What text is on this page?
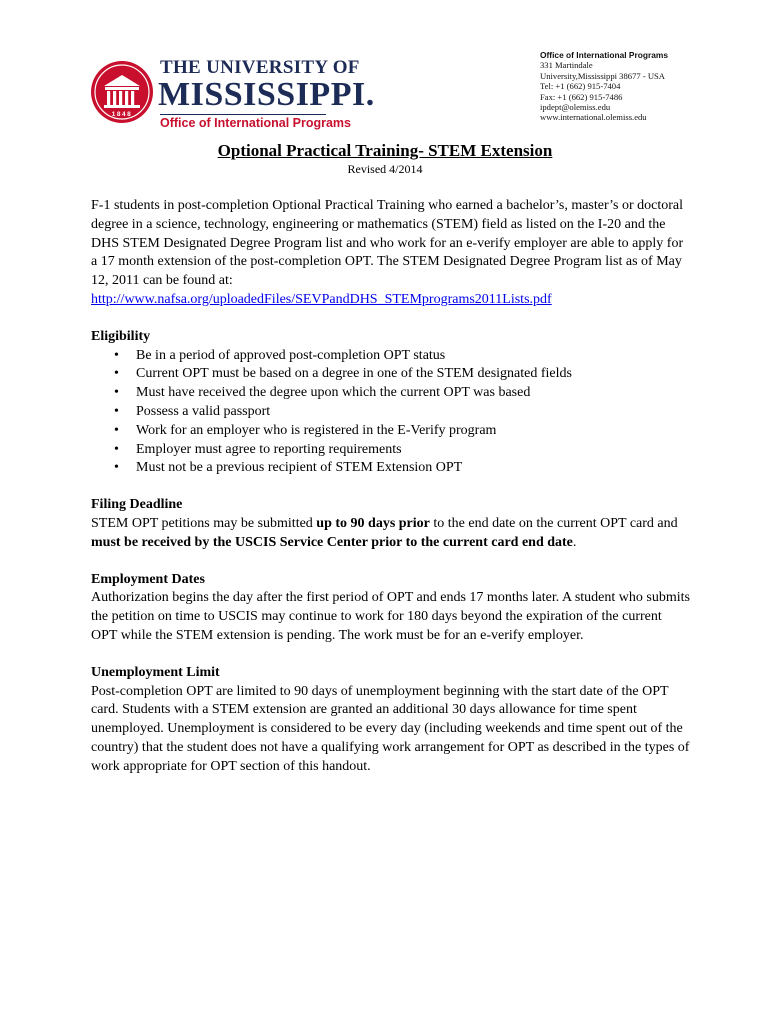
1848
THE UNIVERSITY OF
MISSISSIPPI.
Office of International Programs
Office of International Programs
331 Martindale
University,Mississippi 38677 - USA
Tel: +1 (662) 915-7404
Fax: +1 (662) 915-7486
ipdept@olemiss.edu
www.international.olemiss.edu
Optional Practical Training- STEM Extension
Revised 4/2014

F-1 students in post-completion Optional Practical Training who earned a bachelor’s, master’s or doctoral degree in a science, technology, engineering or mathematics (STEM) field as listed on the I-20 and the DHS STEM Designated Degree Program list and who work for an e-verify employer are able to apply for a 17 month extension of the post-completion OPT. The STEM Designated Degree Program list as of May 12, 2011 can be found at: http://www.nafsa.org/uploadedFiles/SEVPandDHS_STEMprograms2011Lists.pdf

Eligibility

• Be in a period of approved post-completion OPT status
• Current OPT must be based on a degree in one of the STEM designated fields
• Must have received the degree upon which the current OPT was based
• Possess a valid passport
• Work for an employer who is registered in the E-Verify program
• Employer must agree to reporting requirements
• Must not be a previous recipient of STEM Extension OPT

Filing Deadline

STEM OPT petitions may be submitted up to 90 days prior to the end date on the current OPT card and must be received by the USCIS Service Center prior to the current card end date.

Employment Dates

Authorization begins the day after the first period of OPT and ends 17 months later. A student who submits the petition on time to USCIS may continue to work for 180 days beyond the expiration of the current OPT while the STEM extension is pending. The work must be for an e-verify employer.

Unemployment Limit

Post-completion OPT are limited to 90 days of unemployment beginning with the start date of the OPT card. Students with a STEM extension are granted an additional 30 days allowance for time spent unemployed. Unemployment is considered to be every day (including weekends and time spent out of the country) that the student does not have a qualifying work arrangement for OPT as described in the types of work appropriate for OPT section of this handout.
